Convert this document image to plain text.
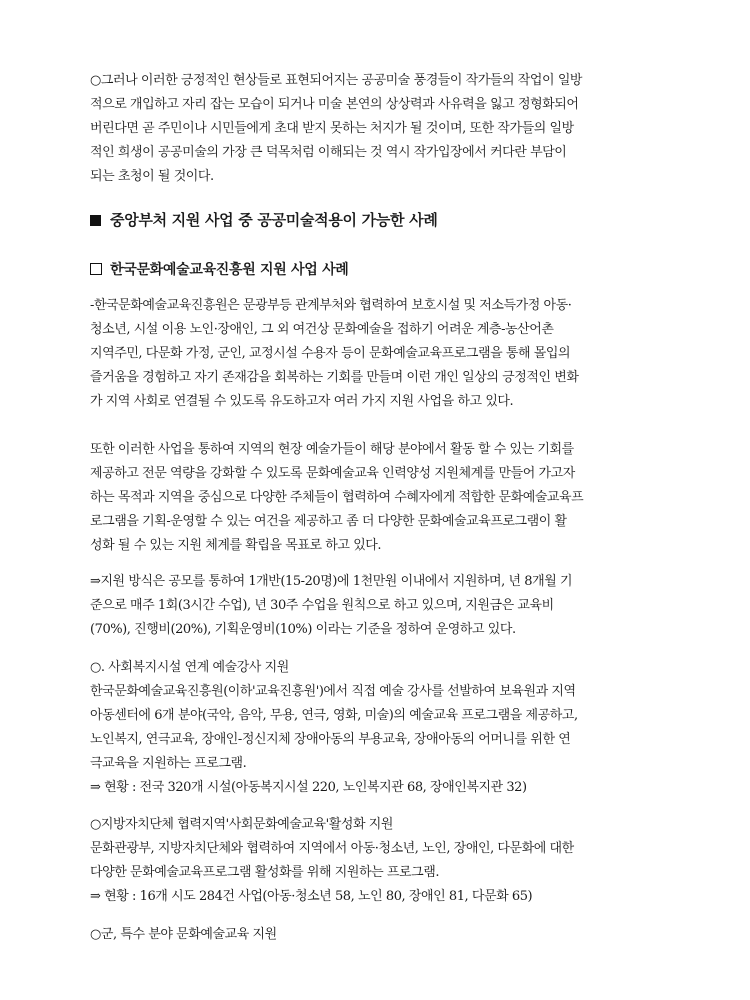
○그러나 이러한 긍정적인 현상들로 표현되어지는 공공미술 풍경들이 작가들의 작업이 일방

적으로 개입하고 자리 잡는 모습이 되거나 미술 본연의 상상력과 사유력을 잃고 정형화되어

버린다면 곧 주민이나 시민들에게 초대 받지 못하는 처지가 될 것이며, 또한 작가들의 일방

적인 희생이 공공미술의 가장 큰 덕목처럼 이해되는 것 역시 작가입장에서 커다란 부담이

되는 초청이 될 것이다.

중앙부처 지원 사업 중 공공미술적용이 가능한 사례
한국문화예술교육진흥원 지원 사업 사례

-한국문화예술교육진흥원은 문광부등 관계부처와 협력하여 보호시설 및 저소득가정 아동·

청소년, 시설 이용 노인·장애인, 그 외 여건상 문화예술을 접하기 어려운 계층-농산어촌

지역주민, 다문화 가정, 군인, 교정시설 수용자 등이 문화예술교육프로그램을 통해 몰입의

즐거움을 경험하고 자기 존재감을 회복하는 기회를 만들며 이런 개인 일상의 긍정적인 변화

가 지역 사회로 연결될 수 있도록 유도하고자 여러 가지 지원 사업을 하고 있다.

또한 이러한 사업을 통하여 지역의 현장 예술가들이 해당 분야에서 활동 할 수 있는 기회를

제공하고 전문 역량을 강화할 수 있도록 문화예술교육 인력양성 지원체계를 만들어 가고자

하는 목적과 지역을 중심으로 다양한 주체들이 협력하여 수혜자에게 적합한 문화예술교육프

로그램을 기획-운영할 수 있는 여건을 제공하고 좀 더 다양한 문화예술교육프로그램이 활

성화 될 수 있는 지원 체계를 확립을 목표로 하고 있다.

⇒지원 방식은 공모를 통하여 1개반(15-20명)에 1천만원 이내에서 지원하며, 년 8개월 기

준으로 매주 1회(3시간 수업), 년 30주 수업을 원칙으로 하고 있으며, 지원금은 교육비

(70%), 진행비(20%), 기획운영비(10%) 이라는 기준을 정하여 운영하고 있다.

○. 사회복지시설 연계 예술강사 지원

한국문화예술교육진흥원(이하'교육진흥원')에서 직접 예술 강사를 선발하여 보육원과 지역

아동센터에 6개 분야(국악, 음악, 무용, 연극, 영화, 미술)의 예술교육 프로그램을 제공하고,

노인복지, 연극교육, 장애인-정신지체 장애아동의 부용교육, 장애아동의 어머니를 위한 연

극교육을 지원하는 프로그램.

⇒ 현황 : 전국 320개 시설(아동복지시설 220, 노인복지관 68, 장애인복지관 32)

○지방자치단체 협력지역'사회문화예술교육'활성화 지원

문화관광부, 지방자치단체와 협력하여 지역에서 아동·청소년, 노인, 장애인, 다문화에 대한

다양한 문화예술교육프로그램 활성화를 위해 지원하는 프로그램.

⇒ 현황 : 16개 시도 284건 사업(아동·청소년 58, 노인 80, 장애인 81, 다문화 65)

○군, 특수 분야 문화예술교육 지원
